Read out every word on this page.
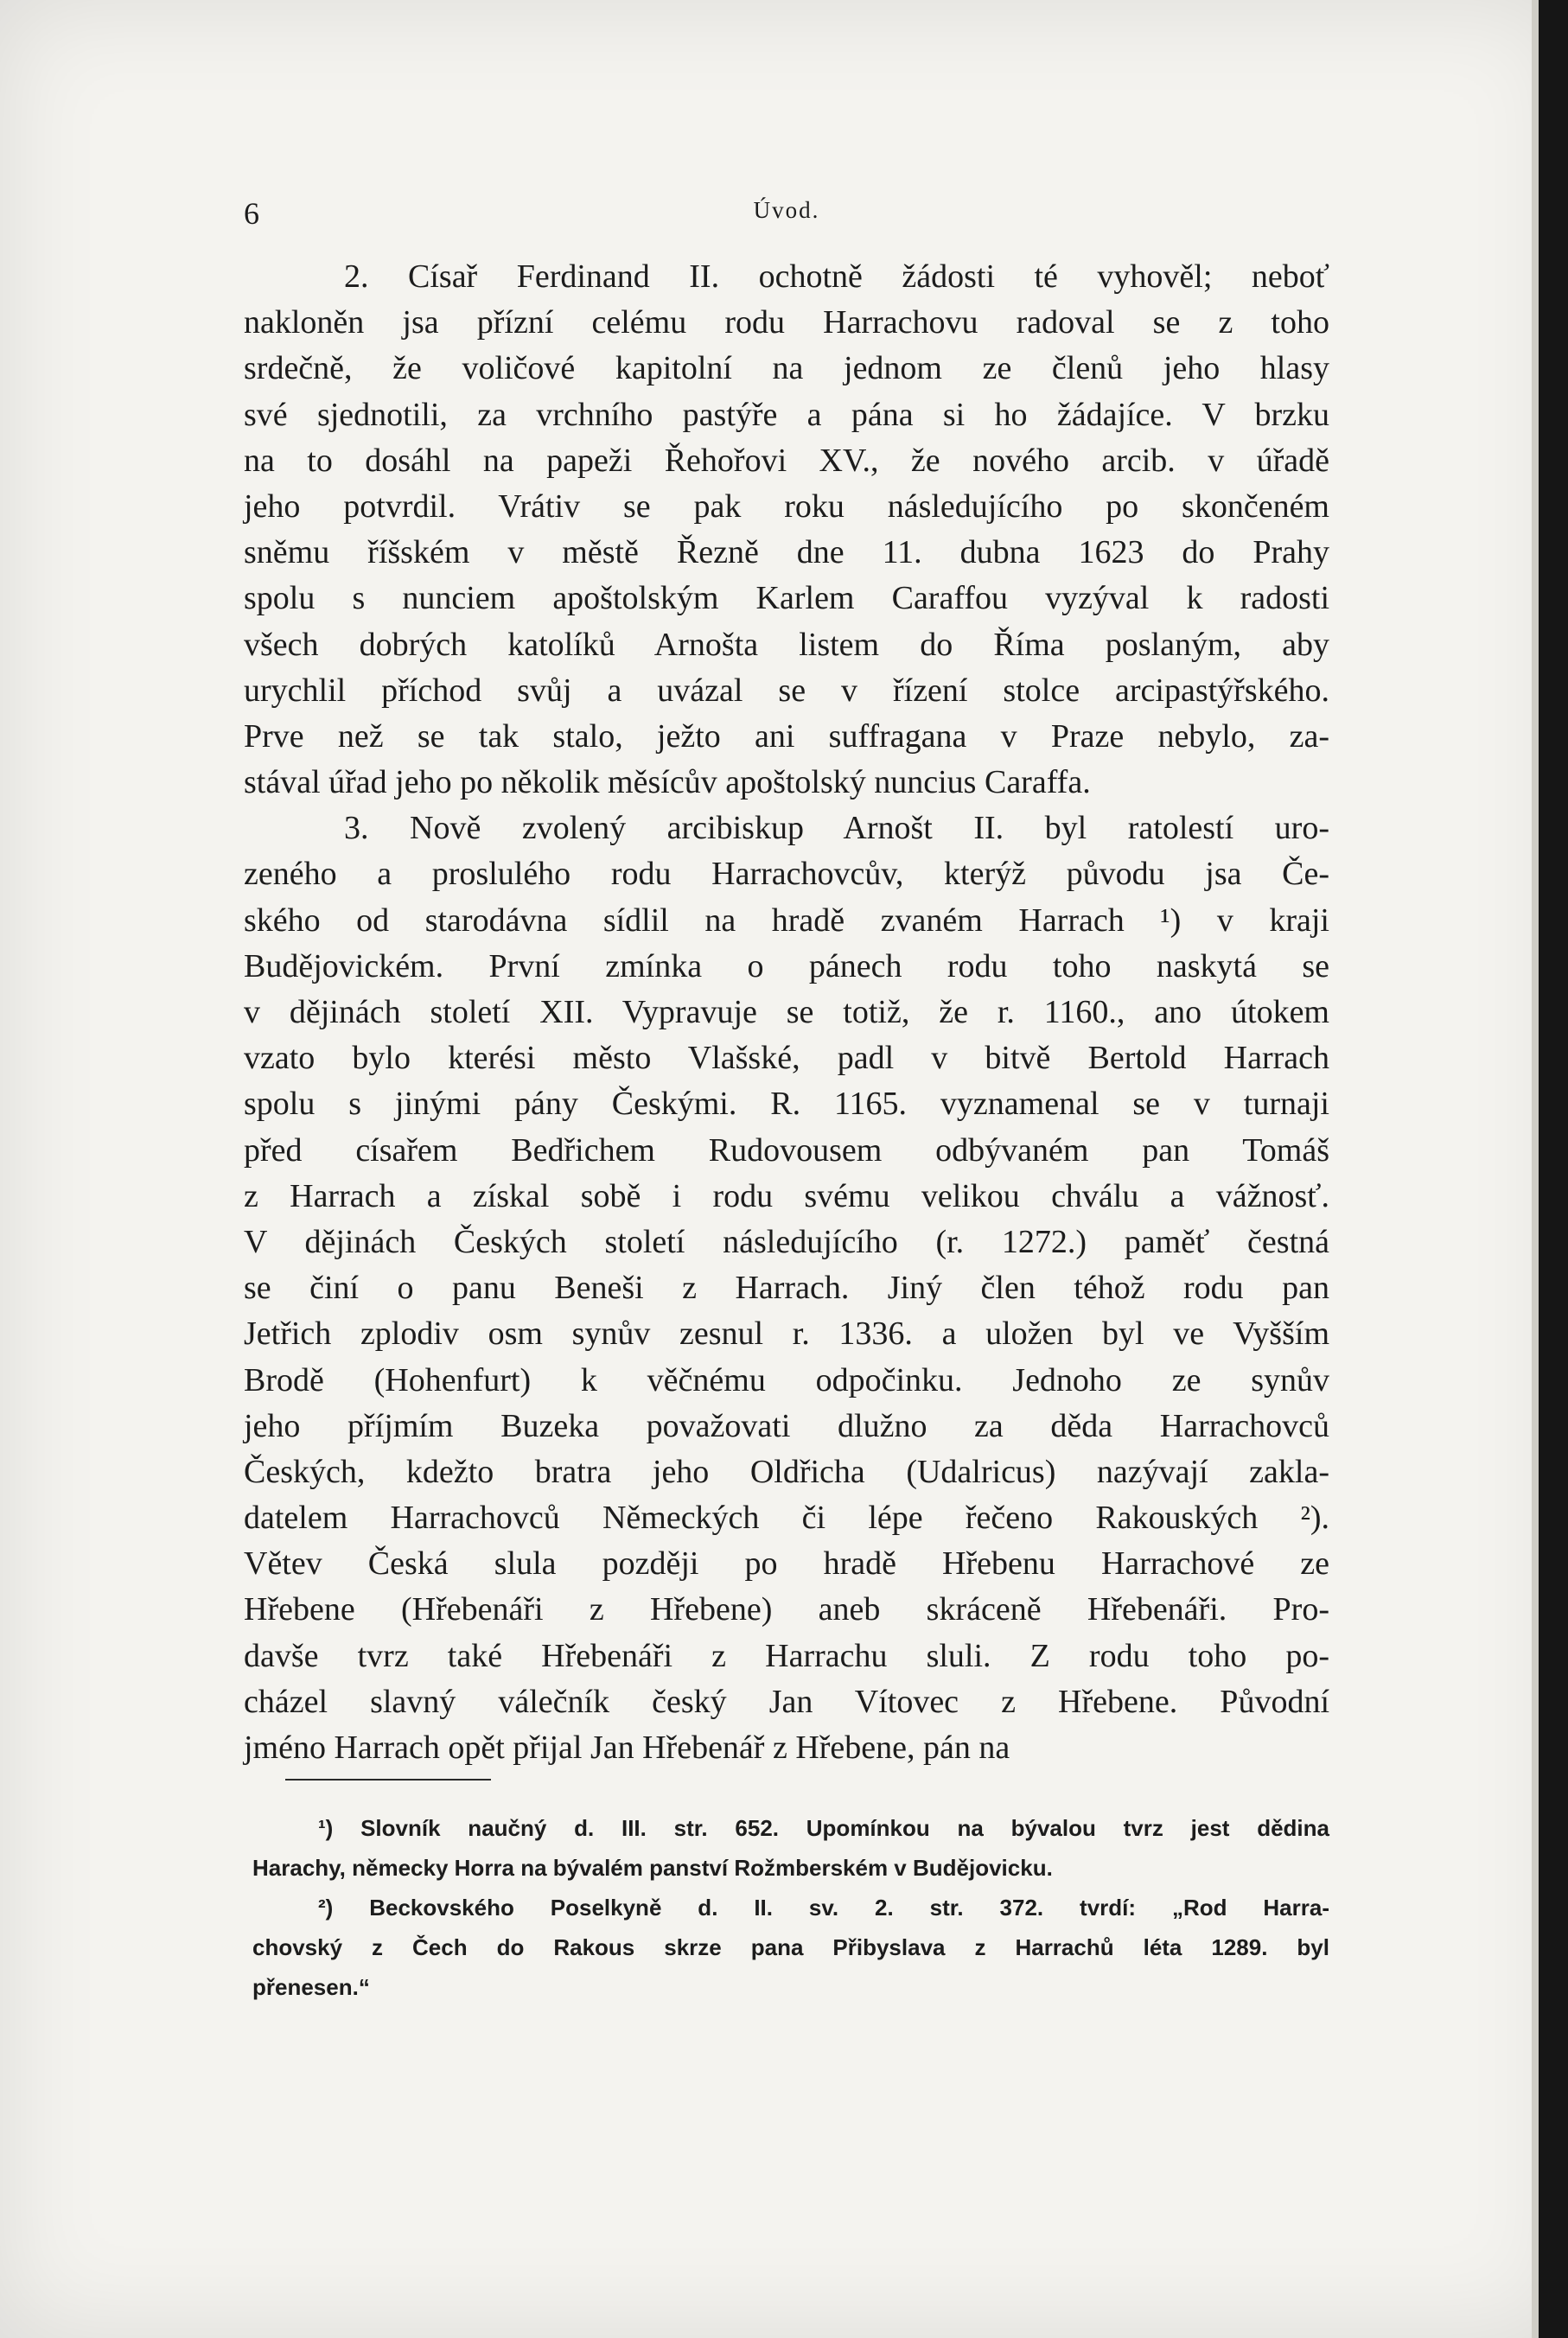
6	Úvod.
2. Císař Ferdinand II. ochotně žádosti té vyhověl; neboť
nakloněn jsa přízní celému rodu Harrachovu radoval se z toho
srdečně, že voličové kapitolní na jednom ze členů jeho hlasy
své sjednotili, za vrchního pastýře a pána si ho žádajíce. V brzku
na to dosáhl na papeži Řehořovi XV., že nového arcib. v úřadě
jeho potvrdil. Vrátiv se pak roku následujícího po skončeném
sněmu říšském v městě Řezně dne 11. dubna 1623 do Prahy
spolu s nunciem apoštolským Karlem Caraffou vyzýval k radosti
všech dobrých katolíků Arnošta listem do Říma poslaným, aby
urychlil příchod svůj a uvázal se v řízení stolce arcipastýřského.
Prve než se tak stalo, ježto ani suffragana v Praze nebylo, za-
stával úřad jeho po několik měsícův apoštolský nuncius Caraffa.
3. Nově zvolený arcibiskup Arnošt II. byl ratolestí uro-
zeného a proslulého rodu Harrachovcův, kterýž původu jsa Če-
ského od starodávna sídlil na hradě zvaném Harrach ¹) v kraji
Budějovickém. První zmínka o pánech rodu toho naskytá se
v dějinách století XII. Vypravuje se totiž, že r. 1160., ano útokem
vzato bylo kterési město Vlašské, padl v bitvě Bertold Harrach
spolu s jinými pány Českými. R. 1165. vyznamenal se v turnaji
před císařem Bedřichem Rudovousem odbývaném pan Tomáš
z Harrach a získal sobě i rodu svému velikou chválu a vážnosť.
V dějinách Českých století následujícího (r. 1272.) paměť čestná
se činí o panu Beneši z Harrach. Jiný člen téhož rodu pan
Jetřich zplodiv osm synův zesnul r. 1336. a uložen byl ve Vyšším
Brodě (Hohenfurt) k věčnému odpočinku. Jednoho ze synův
jeho příjmím Buzeka považovati dlužno za děda Harrachovců
Českých, kdežto bratra jeho Oldřicha (Udalricus) nazývají zakla-
datelem Harrachovců Německých či lépe řečeno Rakouských ²).
Větev Česká slula později po hradě Hřebenu Harrachové ze
Hřebene (Hřebenáři z Hřebene) aneb skráceně Hřebenáři. Pro-
davše tvrz také Hřebenáři z Harrachu sluli. Z rodu toho po-
cházel slavný válečník český Jan Vítovec z Hřebene. Původní
jméno Harrach opět přijal Jan Hřebenář z Hřebene, pán na
¹) Slovník naučný d. III. str. 652. Upomínkou na bývalou tvrz jest dědina
Harachy, německy Horra na bývalém panství Rožmberském v Budějovicku.
²) Beckovského Poselkyně d. II. sv. 2. str. 372. tvrdí: „Rod Harra-
chovský z Čech do Rakous skrze pana Přibyslava z Harrachů léta 1289. byl
přenesen.“
